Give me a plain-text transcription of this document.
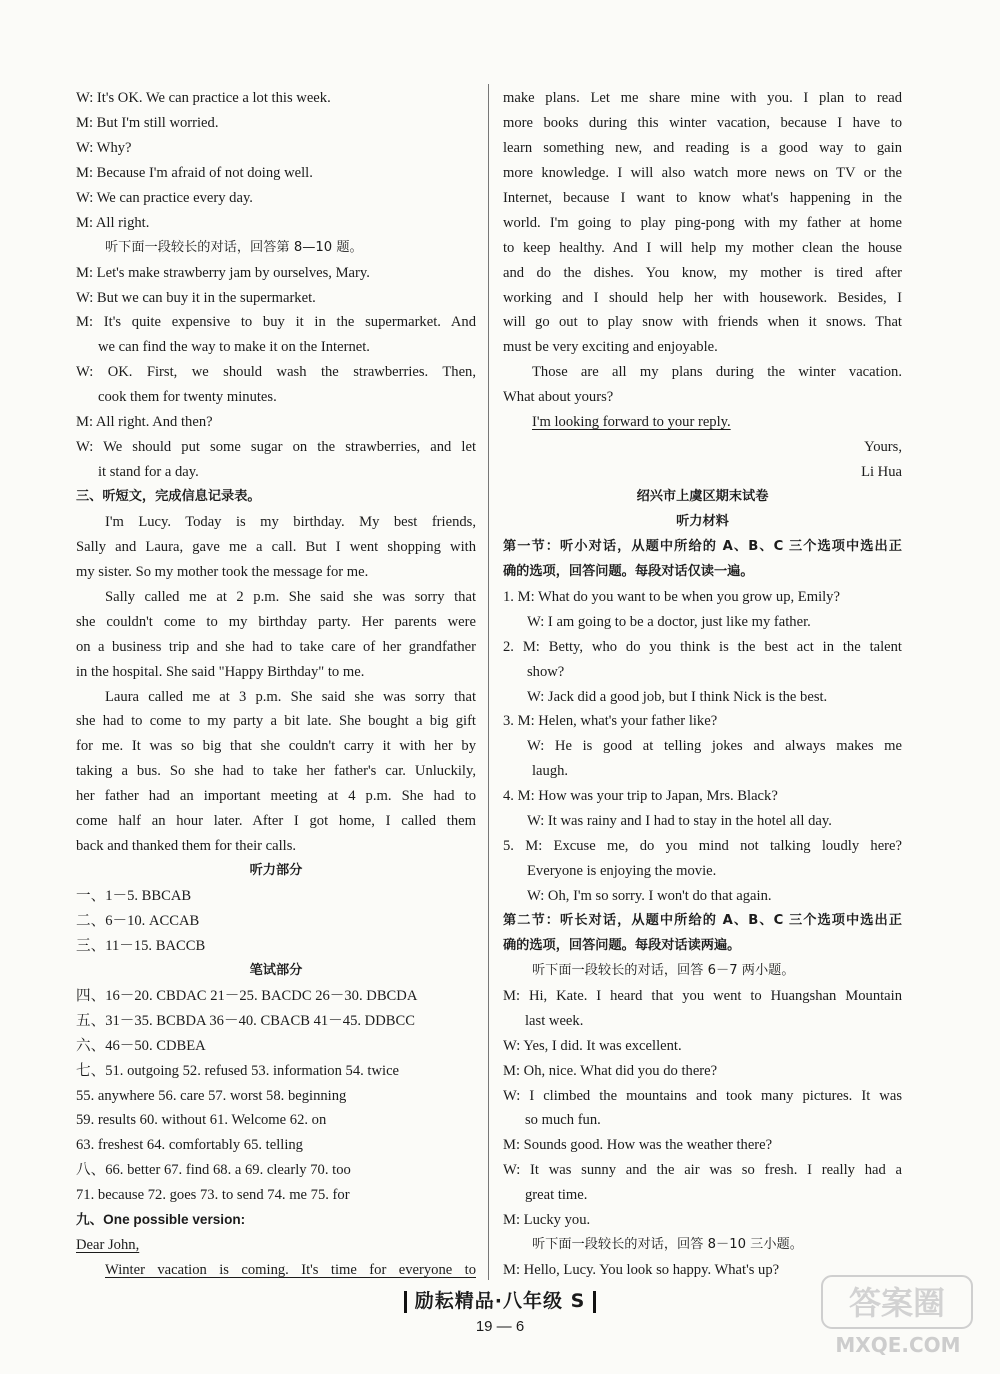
W: It's OK. We can practice a lot this week.
M: But I'm still worried.
W: Why?
M: Because I'm afraid of not doing well.
W: We can practice every day.
M: All right.
听下面一段较长的对话，回答第 8—10 题。
M: Let's make strawberry jam by ourselves, Mary.
W: But we can buy it in the supermarket.
M: It's quite expensive to buy it in the supermarket. And
we can find the way to make it on the Internet.
W: OK. First, we should wash the strawberries. Then,
cook them for twenty minutes.
M: All right. And then?
W: We should put some sugar on the strawberries, and let
it stand for a day.
三、听短文，完成信息记录表。
I'm Lucy. Today is my birthday. My best friends,
Sally and Laura, gave me a call. But I went shopping with
my sister. So my mother took the message for me.
Sally called me at 2 p.m. She said she was sorry that
she couldn't come to my birthday party. Her parents were
on a business trip and she had to take care of her grandfather
in the hospital. She said "Happy Birthday" to me.
Laura called me at 3 p.m. She said she was sorry that
she had to come to my party a bit late. She bought a big gift
for me. It was so big that she couldn't carry it with her by
taking a bus. So she had to take her father's car. Unluckily,
her father had an important meeting at 4 p.m. She had to
come half an hour later. After I got home, I called them
back and thanked them for their calls.
听力部分
一、1－5. BBCAB
二、6－10. ACCAB
三、11－15. BACCB
笔试部分
四、16－20. CBDAC 21－25. BACDC 26－30. DBCDA
五、31－35. BCBDA 36－40. CBACB 41－45. DDBCC
六、46－50. CDBEA
七、51. outgoing 52. refused 53. information 54. twice
55. anywhere 56. care 57. worst 58. beginning
59. results 60. without 61. Welcome 62. on
63. freshest 64. comfortably 65. telling
八、66. better 67. find 68. a 69. clearly 70. too
71. because 72. goes 73. to send 74. me 75. for
九、One possible version:
Dear John,
Winter vacation is coming. It's time for everyone to
make plans. Let me share mine with you. I plan to read
more books during this winter vacation, because I have to
learn something new, and reading is a good way to gain
more knowledge. I will also watch more news on TV or the
Internet, because I want to know what's happening in the
world. I'm going to play ping-pong with my father at home
to keep healthy. And I will help my mother clean the house
and do the dishes. You know, my mother is tired after
working and I should help her with housework. Besides, I
will go out to play snow with friends when it snows. That
must be very exciting and enjoyable.
Those are all my plans during the winter vacation.
What about yours?
I'm looking forward to your reply.
Yours,
Li Hua
绍兴市上虞区期末试卷
听力材料
第一节：听小对话，从题中所给的 A、B、C 三个选项中选出正
确的选项，回答问题。每段对话仅读一遍。
1. M: What do you want to be when you grow up, Emily?
W: I am going to be a doctor, just like my father.
2. M: Betty, who do you think is the best act in the talent
show?
W: Jack did a good job, but I think Nick is the best.
3. M: Helen, what's your father like?
W: He is good at telling jokes and always makes me
laugh.
4. M: How was your trip to Japan, Mrs. Black?
W: It was rainy and I had to stay in the hotel all day.
5. M: Excuse me, do you mind not talking loudly here?
Everyone is enjoying the movie.
W: Oh, I'm so sorry. I won't do that again.
第二节：听长对话，从题中所给的 A、B、C 三个选项中选出正
确的选项，回答问题。每段对话读两遍。
听下面一段较长的对话，回答 6－7 两小题。
M: Hi, Kate. I heard that you went to Huangshan Mountain
last week.
W: Yes, I did. It was excellent.
M: Oh, nice. What did you do there?
W: I climbed the mountains and took many pictures. It was
so much fun.
M: Sounds good. How was the weather there?
W: It was sunny and the air was so fresh. I really had a
great time.
M: Lucky you.
听下面一段较长的对话，回答 8－10 三小题。
M: Hello, Lucy. You look so happy. What's up?
励耘精品·八年级 S
19 — 6
答案圈
MXQE.COM
